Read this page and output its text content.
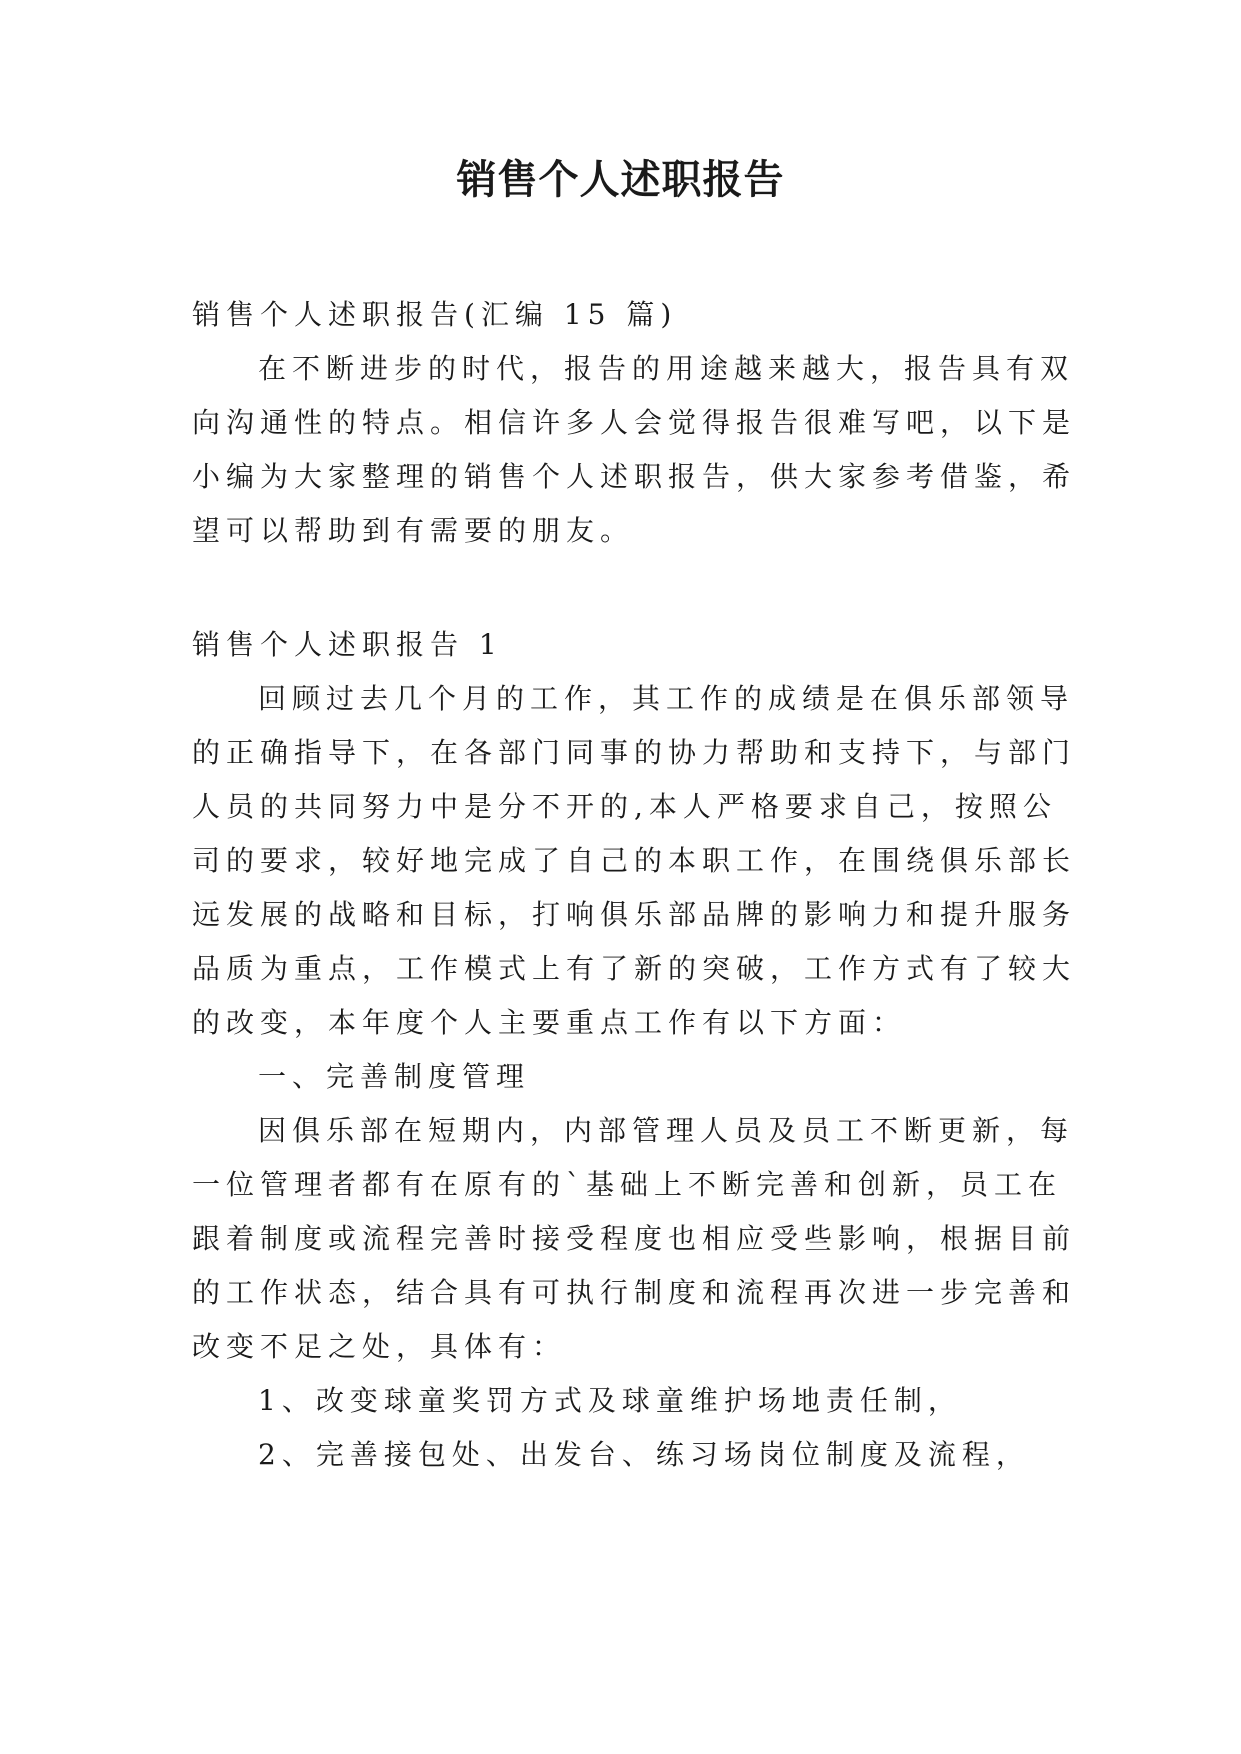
销售个人述职报告
销售个人述职报告(汇编 15 篇)
在不断进步的时代，报告的用途越来越大，报告具有双
向沟通性的特点。相信许多人会觉得报告很难写吧，以下是
小编为大家整理的销售个人述职报告，供大家参考借鉴，希
望可以帮助到有需要的朋友。
销售个人述职报告 1
回顾过去几个月的工作，其工作的成绩是在俱乐部领导
的正确指导下，在各部门同事的协力帮助和支持下，与部门
人员的共同努力中是分不开的,本人严格要求自己，按照公
司的要求，较好地完成了自己的本职工作，在围绕俱乐部长
远发展的战略和目标，打响俱乐部品牌的影响力和提升服务
品质为重点，工作模式上有了新的突破，工作方式有了较大
的改变，本年度个人主要重点工作有以下方面：
一、完善制度管理
因俱乐部在短期内，内部管理人员及员工不断更新，每
一位管理者都有在原有的`基础上不断完善和创新，员工在
跟着制度或流程完善时接受程度也相应受些影响，根据目前
的工作状态，结合具有可执行制度和流程再次进一步完善和
改变不足之处，具体有：
1、改变球童奖罚方式及球童维护场地责任制，
2、完善接包处、出发台、练习场岗位制度及流程，
